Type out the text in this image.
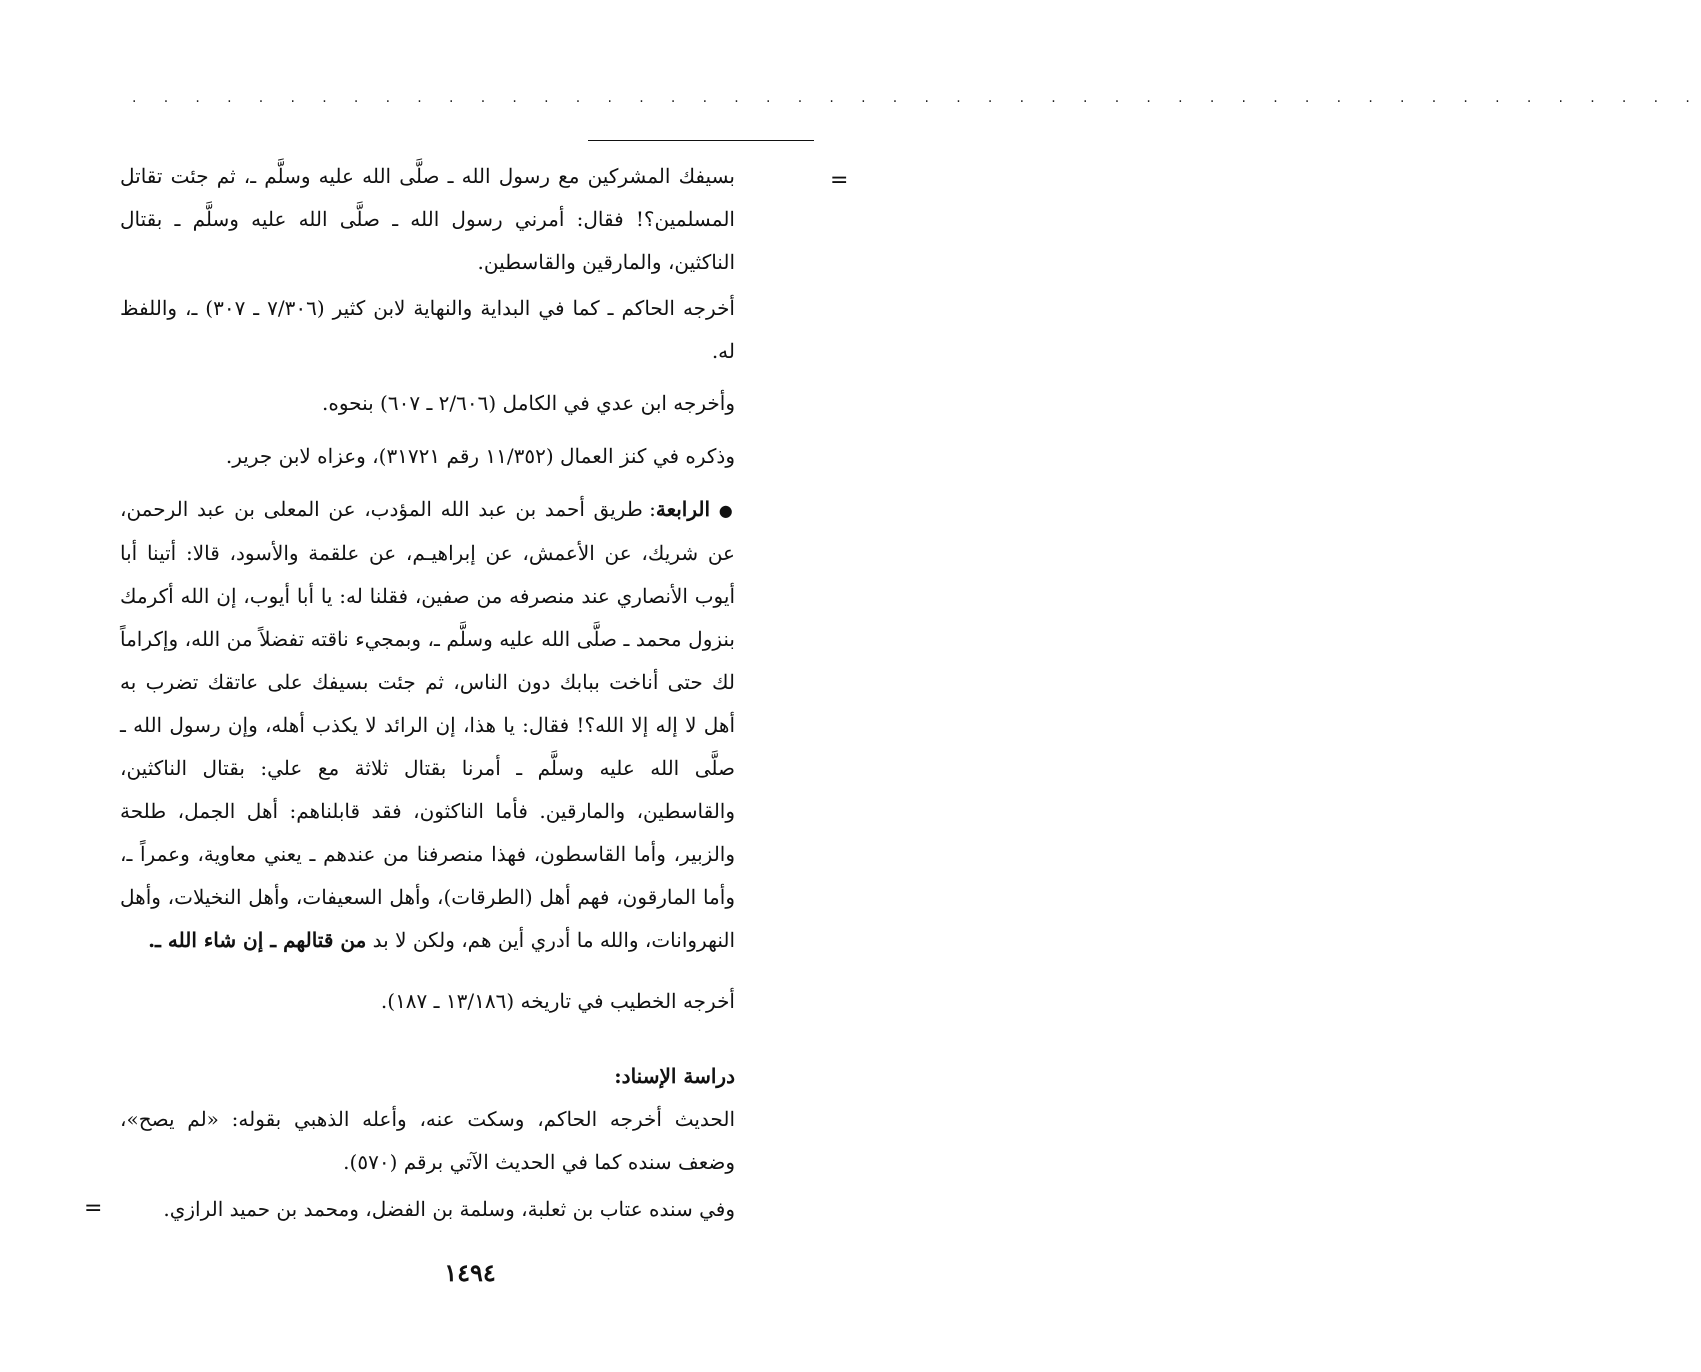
. . . . . . . . . . . . . . . . . . . . . . . . . . . . . . . . . . . . . . . . . . . . . . . . . .
=

بسيفك المشركين مع رسول الله ـ صلَّى الله عليه وسلَّم ـ، ثم جئت تقاتل المسلمين؟! فقال: أمرني رسول الله ـ صلَّى الله عليه وسلَّم ـ بقتال الناكثين، والمارقين والقاسطين.

أخرجه الحاكم ـ كما في البداية والنهاية لابن كثير (٧/٣٠٦ ـ ٣٠٧) ـ، واللفظ له.

وأخرجه ابن عدي في الكامل (٢/٦٠٦ ـ ٦٠٧) بنحوه.

وذكره في كنز العمال (١١/٣٥٢ رقم ٣١٧٢١)، وعزاه لابن جرير.

● الرابعة: طريق أحمد بن عبد الله المؤدب، عن المعلى بن عبد الرحمن، عن شريك، عن الأعمش، عن إبراهيـم، عن علقمة والأسود، قالا: أتينا أبا أيوب الأنصاري عند منصرفه من صفين، فقلنا له: يا أبا أيوب، إن الله أكرمك بنزول محمد ـ صلَّى الله عليه وسلَّم ـ، وبمجيء ناقته تفضلاً من الله، وإكراماً لك حتى أناخت ببابك دون الناس، ثم جئت بسيفك على عاتقك تضرب به أهل لا إله إلا الله؟! فقال: يا هذا، إن الرائد لا يكذب أهله، وإن رسول الله ـ صلَّى الله عليه وسلَّم ـ أمرنا بقتال ثلاثة مع علي: بقتال الناكثين، والقاسطين، والمارقين. فأما الناكثون، فقد قابلناهم: أهل الجمل، طلحة والزبير، وأما القاسطون، فهذا منصرفنا من عندهم ـ يعني معاوية، وعمراً ـ، وأما المارقون، فهم أهل (الطرقات)، وأهل السعيفات، وأهل النخيلات، وأهل النهروانات، والله ما أدري أين هم، ولكن لا بد من قتالهم ـ إن شاء الله ـ.

أخرجه الخطيب في تاريخه (١٣/١٨٦ ـ ١٨٧).

دراسة الإسناد:

الحديث أخرجه الحاكم، وسكت عنه، وأعله الذهبي بقوله: «لم يصح»، وضعف سنده كما في الحديث الآتي برقم (٥٧٠).

وفي سنده عتاب بن ثعلبة، وسلمة بن الفضل، ومحمد بن حميد الرازي.

=
١٤٩٤
